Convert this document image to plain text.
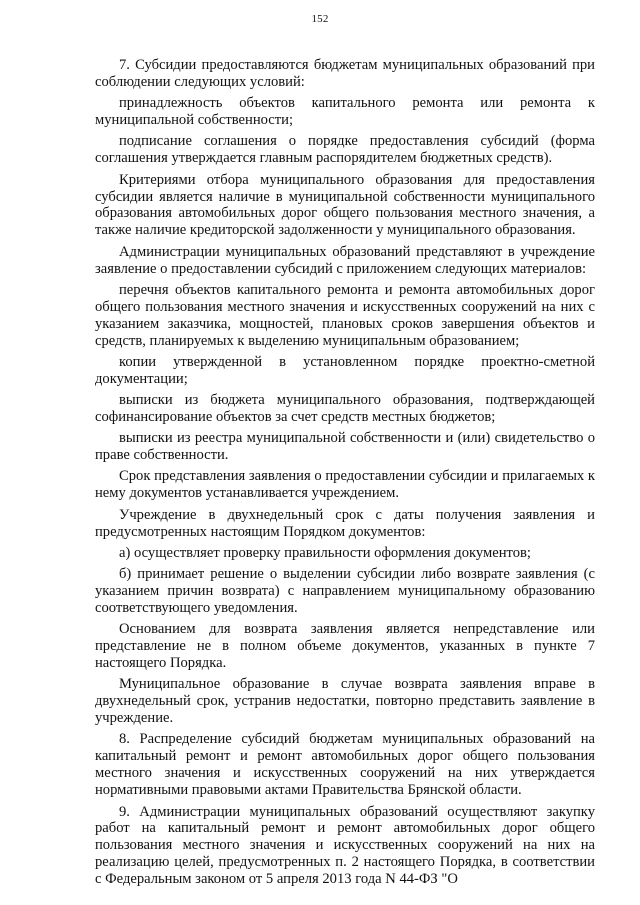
152

7. Субсидии предоставляются бюджетам муниципальных образований при соблюдении следующих условий:

принадлежность объектов капитального ремонта или ремонта к муниципальной собственности;

подписание соглашения о порядке предоставления субсидий (форма соглашения утверждается главным распорядителем бюджетных средств).

Критериями отбора муниципального образования для предоставления субсидии является наличие в муниципальной собственности муниципального образования автомобильных дорог общего пользования местного значения, а также наличие кредиторской задолженности у муниципального образования.

Администрации муниципальных образований представляют в учреждение заявление о предоставлении субсидий с приложением следующих материалов:

перечня объектов капитального ремонта и ремонта автомобильных дорог общего пользования местного значения и искусственных сооружений на них с указанием заказчика, мощностей, плановых сроков завершения объектов и средств, планируемых к выделению муниципальным образованием;

копии утвержденной в установленном порядке проектно-сметной документации;

выписки из бюджета муниципального образования, подтверждающей софинансирование объектов за счет средств местных бюджетов;

выписки из реестра муниципальной собственности и (или) свидетельство о праве собственности.

Срок представления заявления о предоставлении субсидии и прилагаемых к нему документов устанавливается учреждением.

Учреждение в двухнедельный срок с даты получения заявления и предусмотренных настоящим Порядком документов:

а) осуществляет проверку правильности оформления документов;

б) принимает решение о выделении субсидии либо возврате заявления (с указанием причин возврата) с направлением муниципальному образованию соответствующего уведомления.

Основанием для возврата заявления является непредставление или представление не в полном объеме документов, указанных в пункте 7 настоящего Порядка.

Муниципальное образование в случае возврата заявления вправе в двухнедельный срок, устранив недостатки, повторно представить заявление в учреждение.

8. Распределение субсидий бюджетам муниципальных образований на капитальный ремонт и ремонт автомобильных дорог общего пользования местного значения и искусственных сооружений на них утверждается нормативными правовыми актами Правительства Брянской области.

9. Администрации муниципальных образований осуществляют закупку работ на капитальный ремонт и ремонт автомобильных дорог общего пользования местного значения и искусственных сооружений на них на реализацию целей, предусмотренных п. 2 настоящего Порядка, в соответствии с Федеральным законом от 5 апреля 2013 года N 44-ФЗ "О
